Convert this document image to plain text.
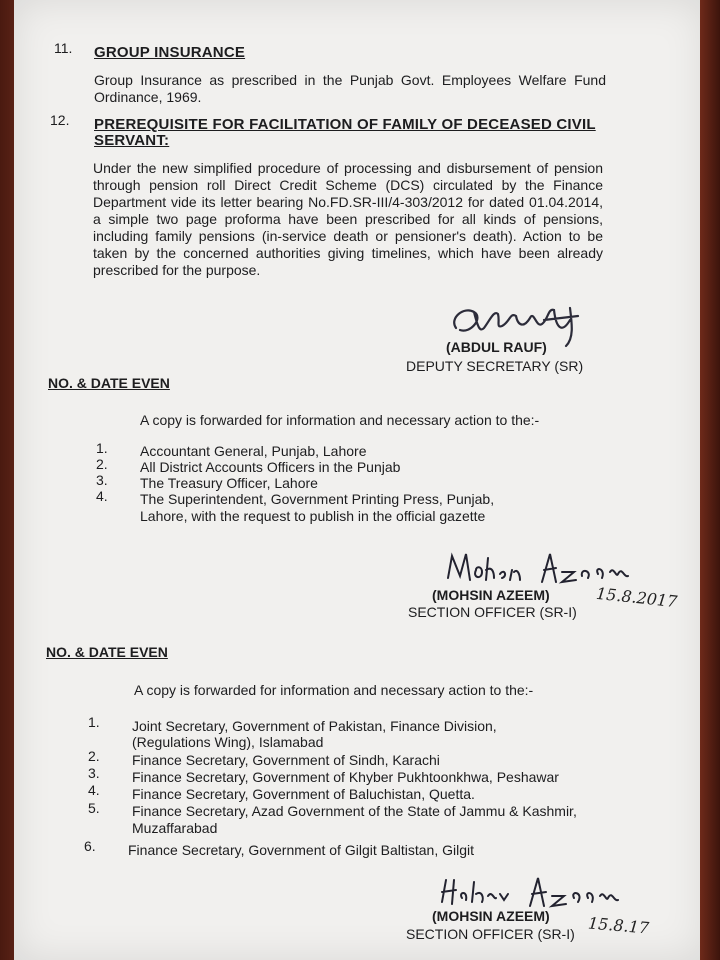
11. GROUP INSURANCE
Group Insurance as prescribed in the Punjab Govt. Employees Welfare Fund Ordinance, 1969.
12. PREREQUISITE FOR FACILITATION OF FAMILY OF DECEASED CIVIL
SERVANT:
Under the new simplified procedure of processing and disbursement of pension through pension roll Direct Credit Scheme (DCS) circulated by the Finance Department vide its letter bearing No.FD.SR-III/4-303/2012 for dated 01.04.2014, a simple two page proforma have been prescribed for all kinds of pensions, including family pensions (in-service death or pensioner's death). Action to be taken by the concerned authorities giving timelines, which have been already prescribed for the purpose.
(ABDUL RAUF)
DEPUTY SECRETARY (SR)
NO. & DATE EVEN
A copy is forwarded for information and necessary action to the:-
1. Accountant General, Punjab, Lahore
2. All District Accounts Officers in the Punjab
3. The Treasury Officer, Lahore
4. The Superintendent, Government Printing Press, Punjab,
Lahore, with the request to publish in the official gazette
15.8.2017
(MOHSIN AZEEM)
SECTION OFFICER (SR-I)
NO. & DATE EVEN
A copy is forwarded for information and necessary action to the:-
1. Joint Secretary, Government of Pakistan, Finance Division,
(Regulations Wing), Islamabad
2. Finance Secretary, Government of Sindh, Karachi
3. Finance Secretary, Government of Khyber Pukhtoonkhwa, Peshawar
4. Finance Secretary, Government of Baluchistan, Quetta.
5. Finance Secretary, Azad Government of the State of Jammu & Kashmir,
Muzaffarabad
6. Finance Secretary, Government of Gilgit Baltistan, Gilgit
15.8.17
(MOHSIN AZEEM)
SECTION OFFICER (SR-I)
